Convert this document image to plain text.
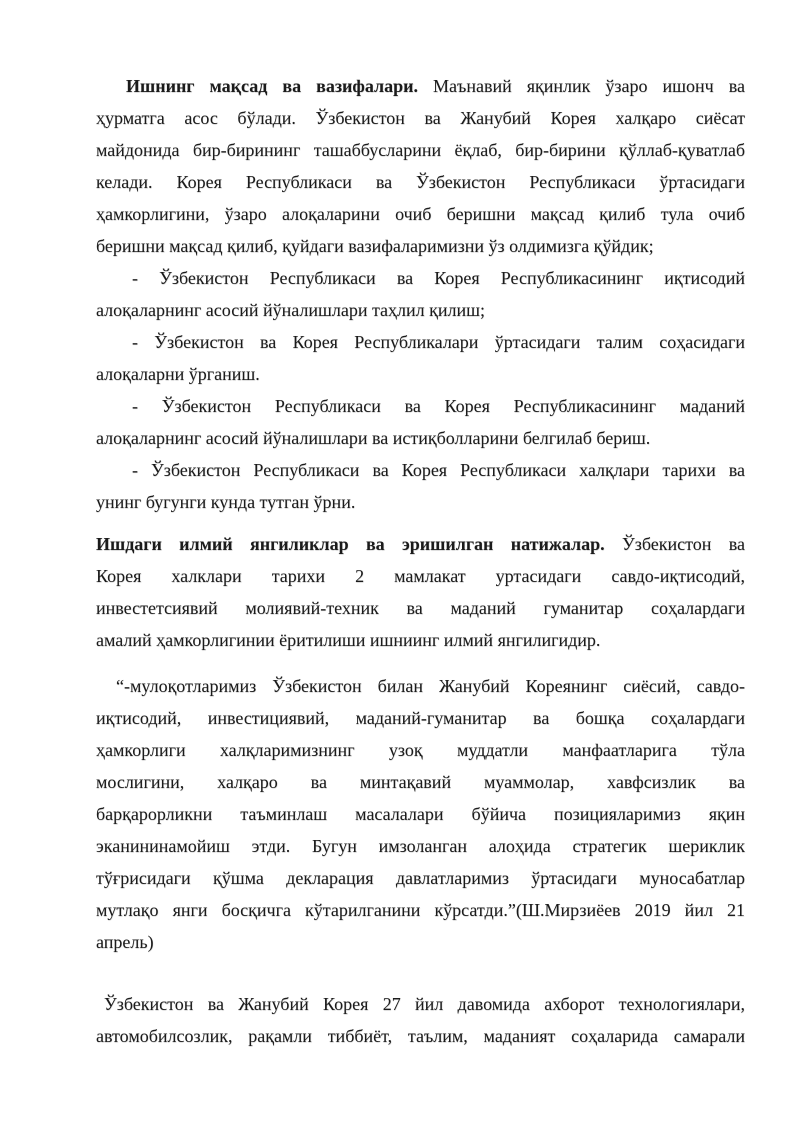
Ишнинг мақсад ва вазифалари. Маънавий яқинлик ўзаро ишонч ва
ҳурматга асос бўлади. Ўзбекистон ва Жанубий Корея халқаро сиёсат
майдонида бир-бирининг ташаббусларини ёқлаб, бир-бирини қўллаб-қуватлаб
келади. Корея Республикаси ва Ўзбекистон Республикаси ўртасидаги
ҳамкорлигини, ўзаро алоқаларини очиб беришни мақсад қилиб тула очиб
беришни мақсад қилиб, қуйдаги вазифаларимизни ўз олдимизга қўйдик;
- Ўзбекистон Республикаси ва Корея Республикасининг иқтисодий
алоқаларнинг асосий йўналишлари таҳлил қилиш;
- Ўзбекистон ва Корея Республикалари ўртасидаги талим соҳасидаги
алоқаларни ўрганиш.
- Ўзбекистон Республикаси ва Корея Республикасининг маданий
алоқаларнинг асосий йўналишлари ва истиқболларини белгилаб бериш.
- Ўзбекистон Республикаси ва Корея Республикаси халқлари тарихи ва
унинг бугунги кунда тутган ўрни.
Ишдаги илмий янгиликлар ва эришилган натижалар. Ўзбекистон ва
Корея халклари тарихи 2 мамлакат уртасидаги савдо-иқтисодий,
инвестетсиявий молиявий-техник ва маданий гуманитар соҳалардаги
амалий ҳамкорлигинии ёритилиши ишниинг илмий янгилигидир.
“-мулоқотларимиз Ўзбекистон билан Жанубий Кореянинг сиёсий, савдо-
иқтисодий, инвестициявий, маданий-гуманитар ва бошқа соҳалардаги
ҳамкорлиги халқларимизнинг узоқ муддатли манфаатларига тўла
мослигини, халқаро ва минтақавий муаммолар, хавфсизлик ва
барқарорликни таъминлаш масалалари бўйича позицияларимиз яқин
эканининамойиш этди. Бугун имзоланган алоҳида стратегик шериклик
тўғрисидаги қўшма декларация давлатларимиз ўртасидаги муносабатлар
мутлақо янги босқичга кўтарилганини кўрсатди.”(Ш.Мирзиёев 2019 йил 21
апрель)
Ўзбекистон ва Жанубий Корея 27 йил давомида ахборот технологиялари,
автомобилсозлик, рақамли тиббиёт, таълим, маданият соҳаларида самарали
